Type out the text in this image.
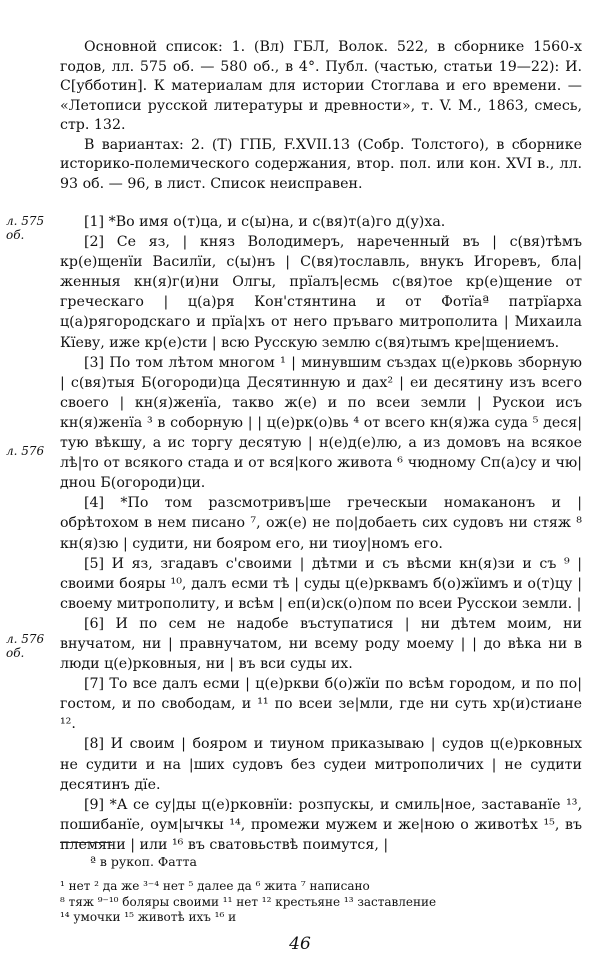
Основной список: 1. (Вл) ГБЛ, Волок. 522, в сборнике 1560-х годов, лл. 575 об. — 580 об., в 4°. Публ. (частью, статьи 19—22): И. С[убботин]. К материалам для истории Стоглава и его времени. — «Летописи русской литературы и древности», т. V. М., 1863, смесь, стр. 132.

В вариантах: 2. (Т) ГПБ, F.XVII.13 (Собр. Толстого), в сборнике историко-полемического содержания, втор. пол. или кон. XVI в., лл. 93 об. — 96, в лист. Список неисправен.

л. 575 об.
л. 576
л. 576 об.

[1] *Во имя о(т)ца, и с(ы)на, и с(вя)т(а)го д(у)ха.

[2] Се яз, | княз Володимеръ, нареченный въ | с(вя)тѣмъ кр(е)щенїи Василїи, с(ы)нъ | С(вя)тославль, внукъ Игоревъ, бла|женныя кн(я)г(и)ни Олгы, прїалъ|есмь с(вя)тое кр(е)щение от греческаго | ц(а)ря Кон'стянтина и от Фотїаª патрїарха ц(а)рягородскаго и прїа|хъ от него пръваго митрополита | Михаила Кїеву, иже кр(е)сти | всю Русскую землю с(вя)тымъ кре|щениемъ.

[3] По том лѣтом многом ¹ | минувшим създах ц(е)рковь зборную | с(вя)тыя Б(огороди)ца Десятинную и дах² | еи десятину изъ всего своего | кн(я)женїа, такво ж(е) и по всеи земли | Рускои исъ кн(я)женїа ³ в соборную | | ц(е)рк(о)вь ⁴ от всего кн(я)жа суда ⁵ деся|тую вѣкшу, а ис торгу десятую | н(е)д(е)лю, а из домовъ на всякое лѣ|то от всякого стада и от вся|кого живота ⁶ чюдному Сп(а)су и чю|дноu Б(огороди)ци.

[4] *По том разсмотривъ|ше греческыи номаканонъ и | обрѣтохом в нем писано ⁷, ож(е) не по|добаеть сих судовъ ни стяж ⁸ кн(я)зю | судити, ни бояром его, ни тиоу|номъ его.

[5] И яз, згадавъ с'своими | дѣтми и съ вѣсми кн(я)зи и съ ⁹ | своими бояры ¹⁰, далъ есми тѣ | суды ц(е)рквамъ б(о)жїимъ и о(т)цу | своему митрополиту, и всѣм | еп(и)ск(о)пом по всеи Русскои земли. |

[6] И по сем не надобе въступатися | ни дѣтем моим, ни внучатом, ни | правнучатом, ни всему роду моему | | до вѣка ни в люди ц(е)рковныя, ни | въ вси суды их.

[7] То все далъ есми | ц(е)ркви б(о)жїи по всѣм городом, и по по|гостом, и по свободам, и ¹¹ по всеи зе|мли, где ни суть хр(и)стиане ¹².

[8] И своим | бояром и тиуном приказываю | судов ц(е)рковных не судити и на |ших судовъ без судеи митрополичих | не судити десятинъ дїе.

[9] *А се су|ды ц(е)рковнїи: розпускы, и смиль|ное, заставанїе ¹³, пошибанїе, оум|ычкы ¹⁴, промежи мужем и же|ною о животѣх ¹⁵, въ племяни | или ¹⁶ въ сватовьствѣ поимутся, |

ª в рукоп. Фатта
¹ нет ² да же ³⁻⁴ нет ⁵ далее да ⁶ жита ⁷ написано
⁸ тяж ⁹⁻¹⁰ боляры своими ¹¹ нет ¹² крестьяне ¹³ заставление
¹⁴ умочки ¹⁵ животѣ ихъ ¹⁶ и
46
